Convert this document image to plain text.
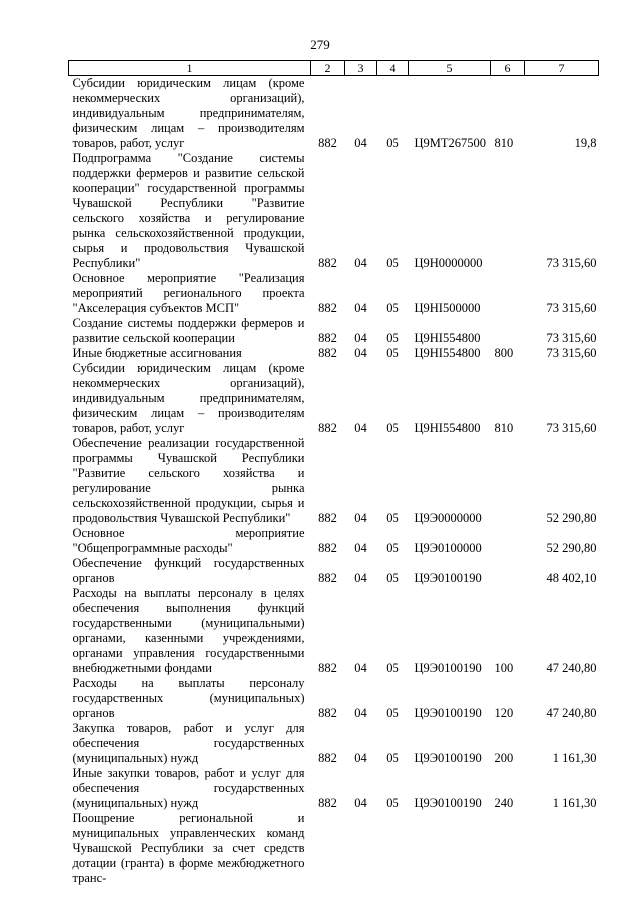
279
1	2	3	4	5	6	7
Субсидии юридическим лицам (кроме некоммерческих организаций), индивидуальным предпринимателям, физическим лицам – производителям товаров, работ, услуг	882	04	05	Ц9МТ267500	810	19,8
Подпрограмма "Создание системы поддержки фермеров и развитие сельской кооперации" государственной программы Чувашской Республики "Развитие сельского хозяйства и регулирование рынка сельскохозяйственной продукции, сырья и продовольствия Чувашской Республики"	882	04	05	Ц9Н0000000		73 315,60
Основное мероприятие "Реализация мероприятий регионального проекта "Акселерация субъектов МСП"	882	04	05	Ц9НI500000		73 315,60
Создание системы поддержки фермеров и развитие сельской кооперации	882	04	05	Ц9НI554800		73 315,60
Иные бюджетные ассигнования	882	04	05	Ц9НI554800	800	73 315,60
Субсидии юридическим лицам (кроме некоммерческих организаций), индивидуальным предпринимателям, физическим лицам – производителям товаров, работ, услуг	882	04	05	Ц9НI554800	810	73 315,60
Обеспечение реализации государственной программы Чувашской Республики "Развитие сельского хозяйства и регулирование рынка сельскохозяйственной продукции, сырья и продовольствия Чувашской Республики"	882	04	05	Ц9Э0000000		52 290,80
Основное мероприятие "Общепрограммные расходы"	882	04	05	Ц9Э0100000		52 290,80
Обеспечение функций государственных органов	882	04	05	Ц9Э0100190		48 402,10
Расходы на выплаты персоналу в целях обеспечения выполнения функций государственными (муниципальными) органами, казенными учреждениями, органами управления государственными внебюджетными фондами	882	04	05	Ц9Э0100190	100	47 240,80
Расходы на выплаты персоналу государственных (муниципальных) органов	882	04	05	Ц9Э0100190	120	47 240,80
Закупка товаров, работ и услуг для обеспечения государственных (муниципальных) нужд	882	04	05	Ц9Э0100190	200	1 161,30
Иные закупки товаров, работ и услуг для обеспечения государственных (муниципальных) нужд	882	04	05	Ц9Э0100190	240	1 161,30
Поощрение региональной и муниципальных управленческих команд Чувашской Республики за счет средств дотации (гранта) в форме межбюджетного транс-						
